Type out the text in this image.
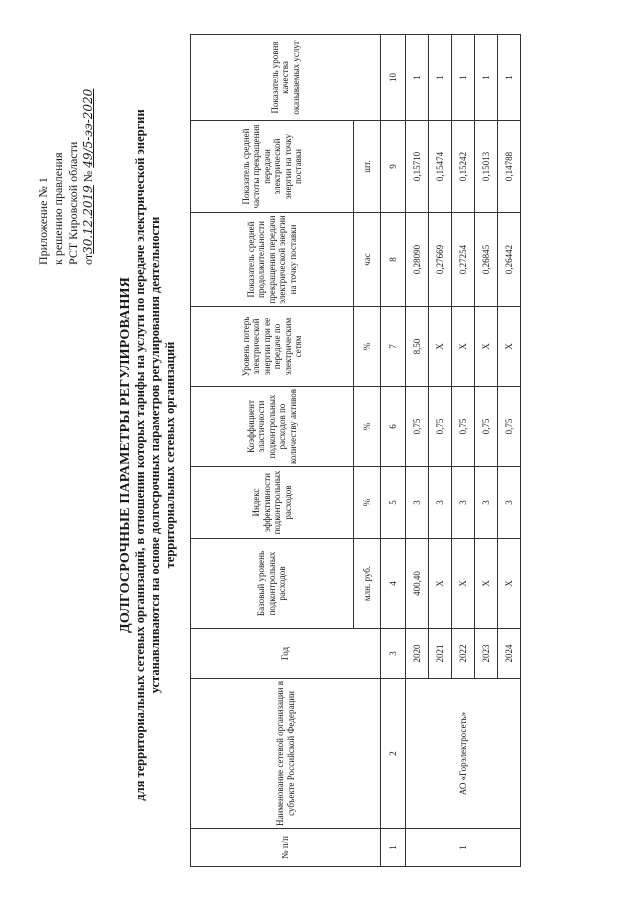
Приложение № 1 к решению правления РСТ Кировской области от30.12.2019 № 49/5-ээ-2020
ДОЛГОСРОЧНЫЕ ПАРАМЕТРЫ РЕГУЛИРОВАНИЯ для территориальных сетевых организаций, в отношении которых тарифы на услуги по передаче электрической энергии устанавливаются на основе долгосрочных параметров регулирования деятельности территориальных сетевых организаций
№ п/п	Наименование сетевой организации в субъекте Российской Федерации	Год	Базовый уровень подконтрольных расходов	Индекс эффективности подконтрольных расходов	Коэффициент эластичности подконтрольных расходов по количеству активов	Уровень потерь электрической энергии при ее передаче по электрическим сетям	Показатель средней продолжительности прекращения передачи электрической энергии на точку поставки	Показатель средней частоты прекращения передачи электрической энергии на точку поставки	Показатель уровня качества оказываемых услуг
			млн. руб.	%	%	%	час	шт.	
1	2	3	4	5	6	7	8	9	10
1	АО «Горэлектросеть»	2020	400,40	3	0,75	8,50	0,28090	0,15710	1
		2021	Х	3	0,75	Х	0,27669	0,15474	1
		2022	Х	3	0,75	Х	0,27254	0,15242	1
		2023	Х	3	0,75	Х	0,26845	0,15013	1
		2024	Х	3	0,75	Х	0,26442	0,14788	1
